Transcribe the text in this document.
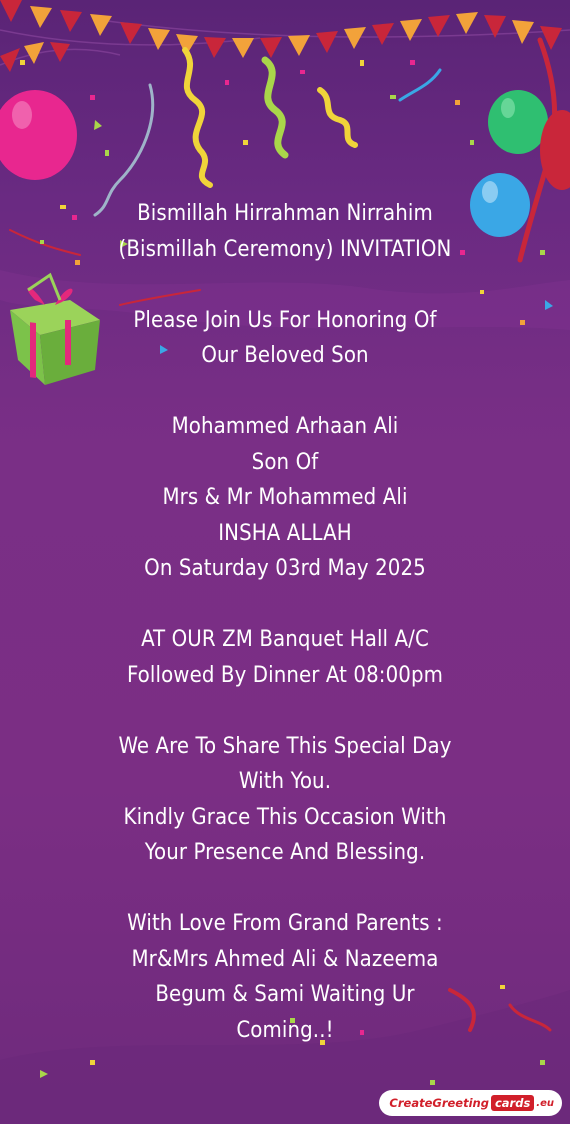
Bismillah Hirrahman Nirrahim
(Bismillah Ceremony) INVITATION
Please Join Us For Honoring Of
Our Beloved Son
Mohammed Arhaan Ali
Son Of
Mrs & Mr Mohammed Ali
INSHA ALLAH
On Saturday 03rd May 2025
AT OUR ZM Banquet Hall A/C
Followed By Dinner At 08:00pm
We Are To Share This Special Day
With You.
Kindly Grace This Occasion With
Your Presence And Blessing.
With Love From Grand Parents :
Mr&Mrs Ahmed Ali & Nazeema
Begum & Sami Waiting Ur
Coming..!
CreateGreeting cards .eu
